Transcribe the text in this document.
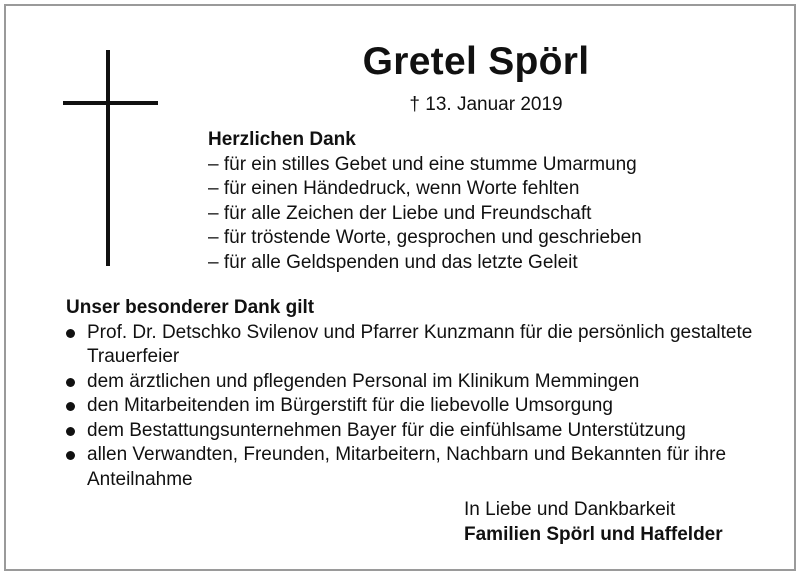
Gretel Spörl
† 13. Januar 2019
Herzlichen Dank
– für ein stilles Gebet und eine stumme Umarmung
– für einen Händedruck, wenn Worte fehlten
– für alle Zeichen der Liebe und Freundschaft
– für tröstende Worte, gesprochen und geschrieben
– für alle Geldspenden und das letzte Geleit
Unser besonderer Dank gilt
Prof. Dr. Detschko Svilenov und Pfarrer Kunzmann für die persönlich gestaltete Trauerfeier
dem ärztlichen und pflegenden Personal im Klinikum Memmingen
den Mitarbeitenden im Bürgerstift für die liebevolle Umsorgung
dem Bestattungsunternehmen Bayer für die einfühlsame Unterstützung
allen Verwandten, Freunden, Mitarbeitern, Nachbarn und Bekannten für ihre Anteilnahme
In Liebe und Dankbarkeit
Familien Spörl und Haffelder
